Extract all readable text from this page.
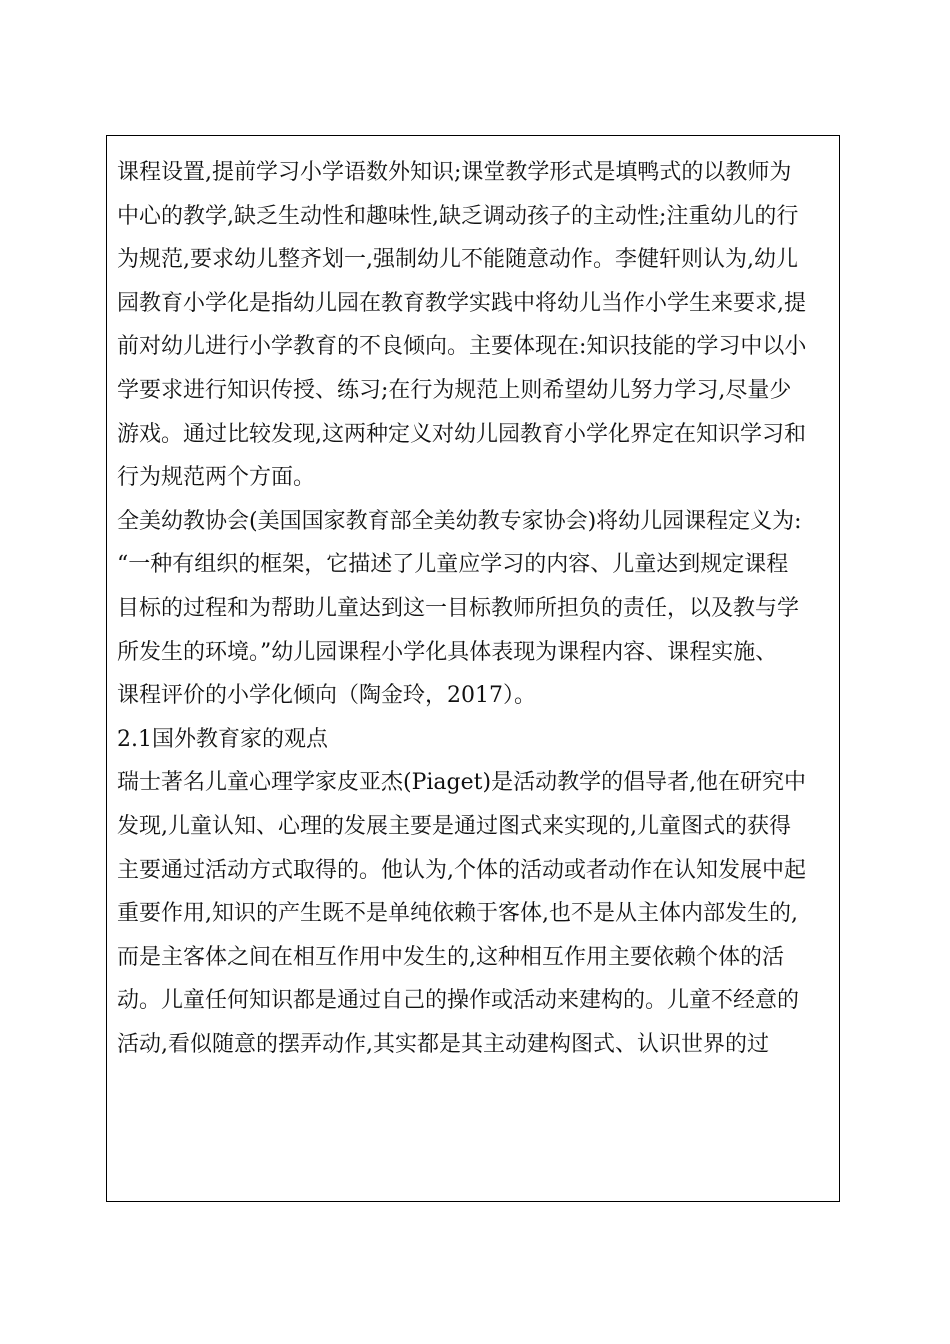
课程设置,提前学习小学语数外知识;课堂教学形式是填鸭式的以教师为
中心的教学,缺乏生动性和趣味性,缺乏调动孩子的主动性;注重幼儿的行
为规范,要求幼儿整齐划一,强制幼儿不能随意动作。李健轩则认为,幼儿
园教育小学化是指幼儿园在教育教学实践中将幼儿当作小学生来要求,提
前对幼儿进行小学教育的不良倾向。主要体现在:知识技能的学习中以小
学要求进行知识传授、练习;在行为规范上则希望幼儿努力学习,尽量少
游戏。通过比较发现,这两种定义对幼儿园教育小学化界定在知识学习和
行为规范两个方面。
全美幼教协会(美国国家教育部全美幼教专家协会)将幼儿园课程定义为:
“一种有组织的框架，它描述了儿童应学习的内容、儿童达到规定课程
目标的过程和为帮助儿童达到这一目标教师所担负的责任，以及教与学
所发生的环境。”幼儿园课程小学化具体表现为课程内容、课程实施、
课程评价的小学化倾向（陶金玲，2017）。
2.1国外教育家的观点
瑞士著名儿童心理学家皮亚杰(Piaget)是活动教学的倡导者,他在研究中
发现,儿童认知、心理的发展主要是通过图式来实现的,儿童图式的获得
主要通过活动方式取得的。他认为,个体的活动或者动作在认知发展中起
重要作用,知识的产生既不是单纯依赖于客体,也不是从主体内部发生的,
而是主客体之间在相互作用中发生的,这种相互作用主要依赖个体的活
动。儿童任何知识都是通过自己的操作或活动来建构的。儿童不经意的
活动,看似随意的摆弄动作,其实都是其主动建构图式、认识世界的过
